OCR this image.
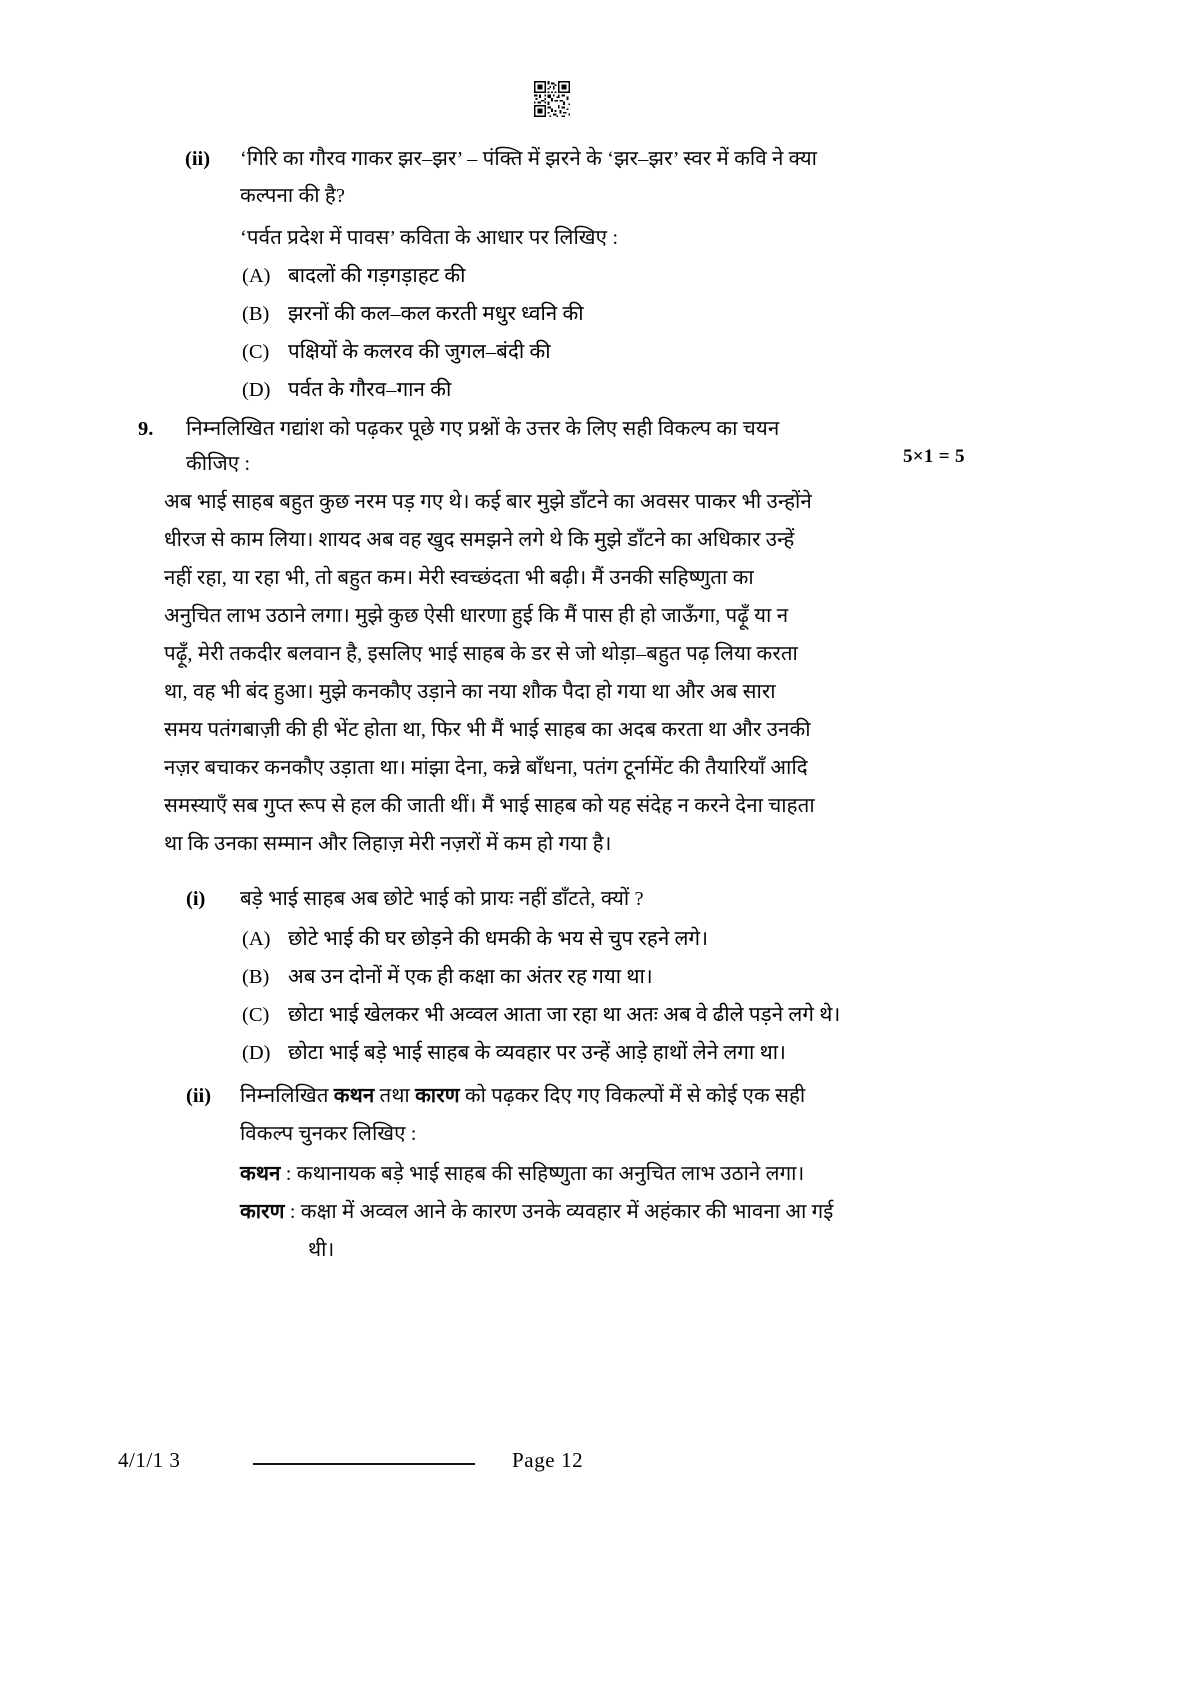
(ii) ‘गिरि का गौरव गाकर झर–झर’ – पंक्ति में झरने के ‘झर–झर’ स्वर में कवि ने क्या
कल्पना की है?
‘पर्वत प्रदेश में पावस’ कविता के आधार पर लिखिए :
(A) बादलों की गड़गड़ाहट की
(B) झरनों की कल–कल करती मधुर ध्वनि की
(C) पक्षियों के कलरव की जुगल–बंदी की
(D) पर्वत के गौरव–गान की
9. निम्नलिखित गद्यांश को पढ़कर पूछे गए प्रश्नों के उत्तर के लिए सही विकल्प का चयन
कीजिए :	5×1 = 5
अब भाई साहब बहुत कुछ नरम पड़ गए थे। कई बार मुझे डाँटने का अवसर पाकर भी उन्होंने
धीरज से काम लिया। शायद अब वह खुद समझने लगे थे कि मुझे डाँटने का अधिकार उन्हें
नहीं रहा, या रहा भी, तो बहुत कम। मेरी स्वच्छंदता भी बढ़ी। मैं उनकी सहिष्णुता का
अनुचित लाभ उठाने लगा। मुझे कुछ ऐसी धारणा हुई कि मैं पास ही हो जाऊँगा, पढ़ूँ या न
पढ़ूँ, मेरी तकदीर बलवान है, इसलिए भाई साहब के डर से जो थोड़ा–बहुत पढ़ लिया करता
था, वह भी बंद हुआ। मुझे कनकौए उड़ाने का नया शौक पैदा हो गया था और अब सारा
समय पतंगबाज़ी की ही भेंट होता था, फिर भी मैं भाई साहब का अदब करता था और उनकी
नज़र बचाकर कनकौए उड़ाता था। मांझा देना, कन्ने बाँधना, पतंग टूर्नामेंट की तैयारियाँ आदि
समस्याएँ सब गुप्त रूप से हल की जाती थीं। मैं भाई साहब को यह संदेह न करने देना चाहता
था कि उनका सम्मान और लिहाज़ मेरी नज़रों में कम हो गया है।
(i) बड़े भाई साहब अब छोटे भाई को प्रायः नहीं डाँटते, क्यों ?
(A) छोटे भाई की घर छोड़ने की धमकी के भय से चुप रहने लगे।
(B) अब उन दोनों में एक ही कक्षा का अंतर रह गया था।
(C) छोटा भाई खेलकर भी अव्वल आता जा रहा था अतः अब वे ढीले पड़ने लगे थे।
(D) छोटा भाई बड़े भाई साहब के व्यवहार पर उन्हें आड़े हाथों लेने लगा था।
(ii) निम्नलिखित कथन तथा कारण को पढ़कर दिए गए विकल्पों में से कोई एक सही
विकल्प चुनकर लिखिए :
कथन : कथानायक बड़े भाई साहब की सहिष्णुता का अनुचित लाभ उठाने लगा।
कारण : कक्षा में अव्वल आने के कारण उनके व्यवहार में अहंकार की भावना आ गई
थी।
4/1/1 3	Page 12
